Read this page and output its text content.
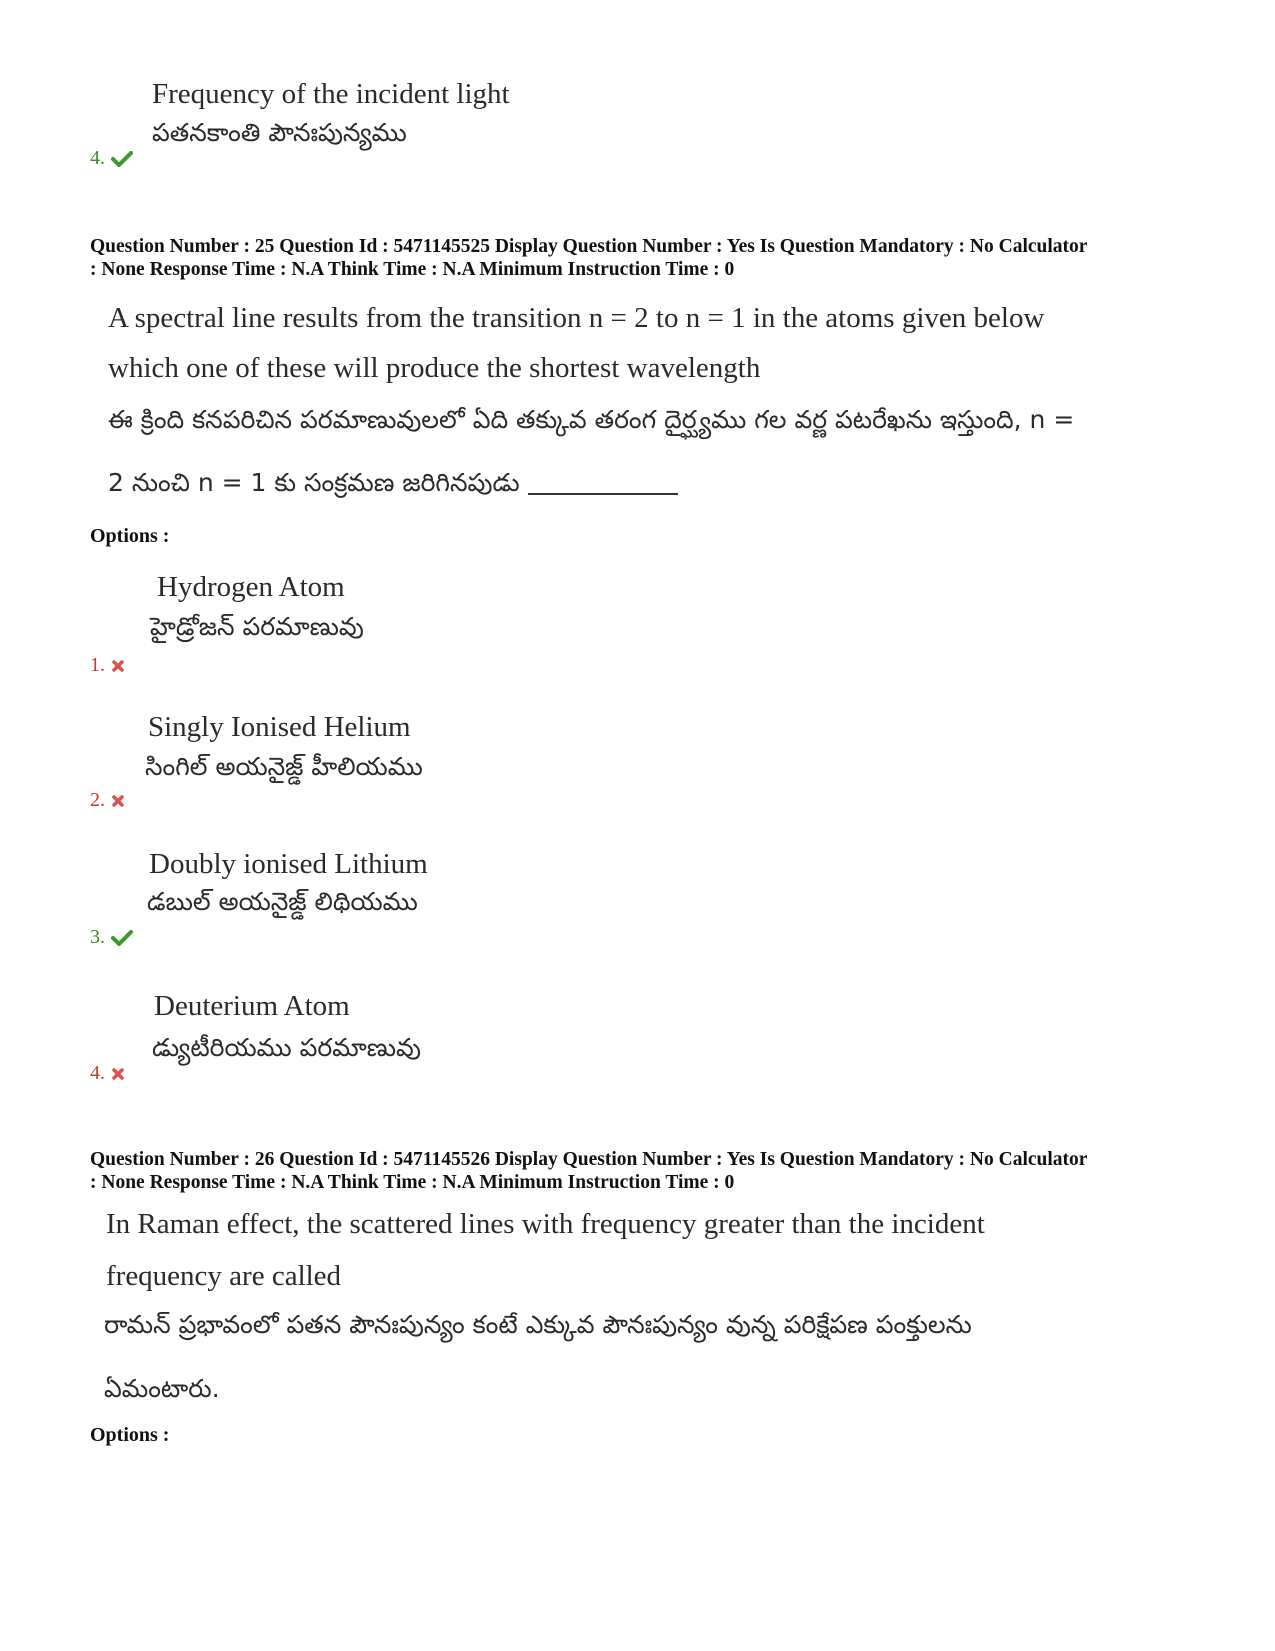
Frequency of the incident light
పతనకాంతి పౌనఃపున్యము
4.
Question Number : 25 Question Id : 5471145525 Display Question Number : Yes Is Question Mandatory : No Calculator
: None Response Time : N.A Think Time : N.A Minimum Instruction Time : 0
A spectral line results from the transition n = 2 to n = 1 in the atoms given below
which one of these will produce the shortest wavelength
ఈ క్రింది కనపరిచిన పరమాణువులలో ఏది తక్కువ తరంగ దైర్ఘ్యము గల వర్ణ పటరేఖను ఇస్తుంది, n =
2 నుంచి n = 1 కు సంక్రమణ జరిగినపుడు
Options :
Hydrogen Atom
హైడ్రోజన్ పరమాణువు
1.
Singly Ionised Helium
సింగిల్ అయనైజ్డ్ హీలియము
2.
Doubly ionised Lithium
డబుల్ అయనైజ్డ్ లిథియము
3.
Deuterium Atom
డ్యుటీరియము పరమాణువు
4.
Question Number : 26 Question Id : 5471145526 Display Question Number : Yes Is Question Mandatory : No Calculator
: None Response Time : N.A Think Time : N.A Minimum Instruction Time : 0
In Raman effect, the scattered lines with frequency greater than the incident
frequency are called
రామన్ ప్రభావంలో పతన పౌనఃపున్యం కంటే ఎక్కువ పౌనఃపున్యం వున్న పరిక్షేపణ పంక్తులను
ఏమంటారు.
Options :
